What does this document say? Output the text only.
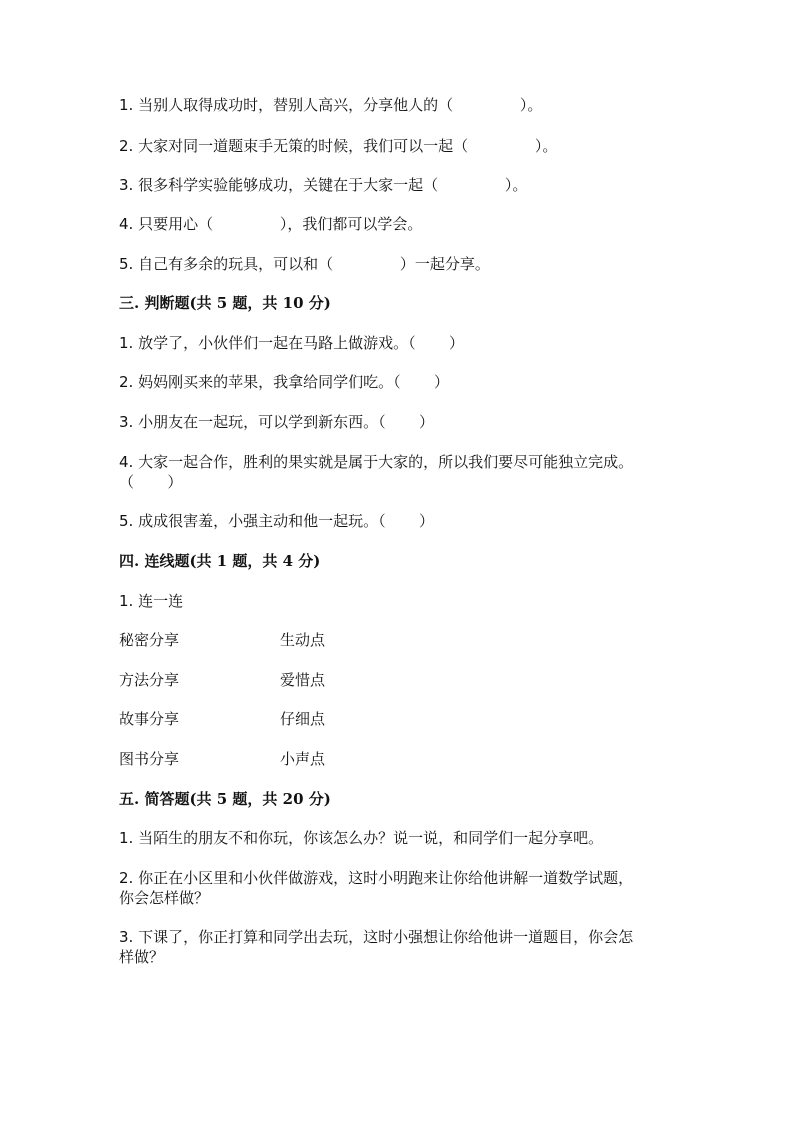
1. 当别人取得成功时，替别人高兴，分享他人的（              ）。
2. 大家对同一道题束手无策的时候，我们可以一起（              ）。
3. 很多科学实验能够成功，关键在于大家一起（              ）。
4. 只要用心（              ），我们都可以学会。
5. 自己有多余的玩具，可以和（              ）一起分享。
三. 判断题(共 5 题，共 10 分)
1. 放学了，小伙伴们一起在马路上做游戏。（       ）
2. 妈妈刚买来的苹果，我拿给同学们吃。（       ）
3. 小朋友在一起玩，可以学到新东西。（       ）
4. 大家一起合作，胜利的果实就是属于大家的，所以我们要尽可能独立完成。
（       ）
5. 成成很害羞，小强主动和他一起玩。（       ）
四. 连线题(共 1 题，共 4 分)
1. 连一连
秘密分享	生动点
方法分享	爱惜点
故事分享	仔细点
图书分享	小声点
五. 简答题(共 5 题，共 20 分)
1. 当陌生的朋友不和你玩，你该怎么办？说一说，和同学们一起分享吧。
2. 你正在小区里和小伙伴做游戏，这时小明跑来让你给他讲解一道数学试题，
你会怎样做？
3. 下课了，你正打算和同学出去玩，这时小强想让你给他讲一道题目，你会怎
样做？
